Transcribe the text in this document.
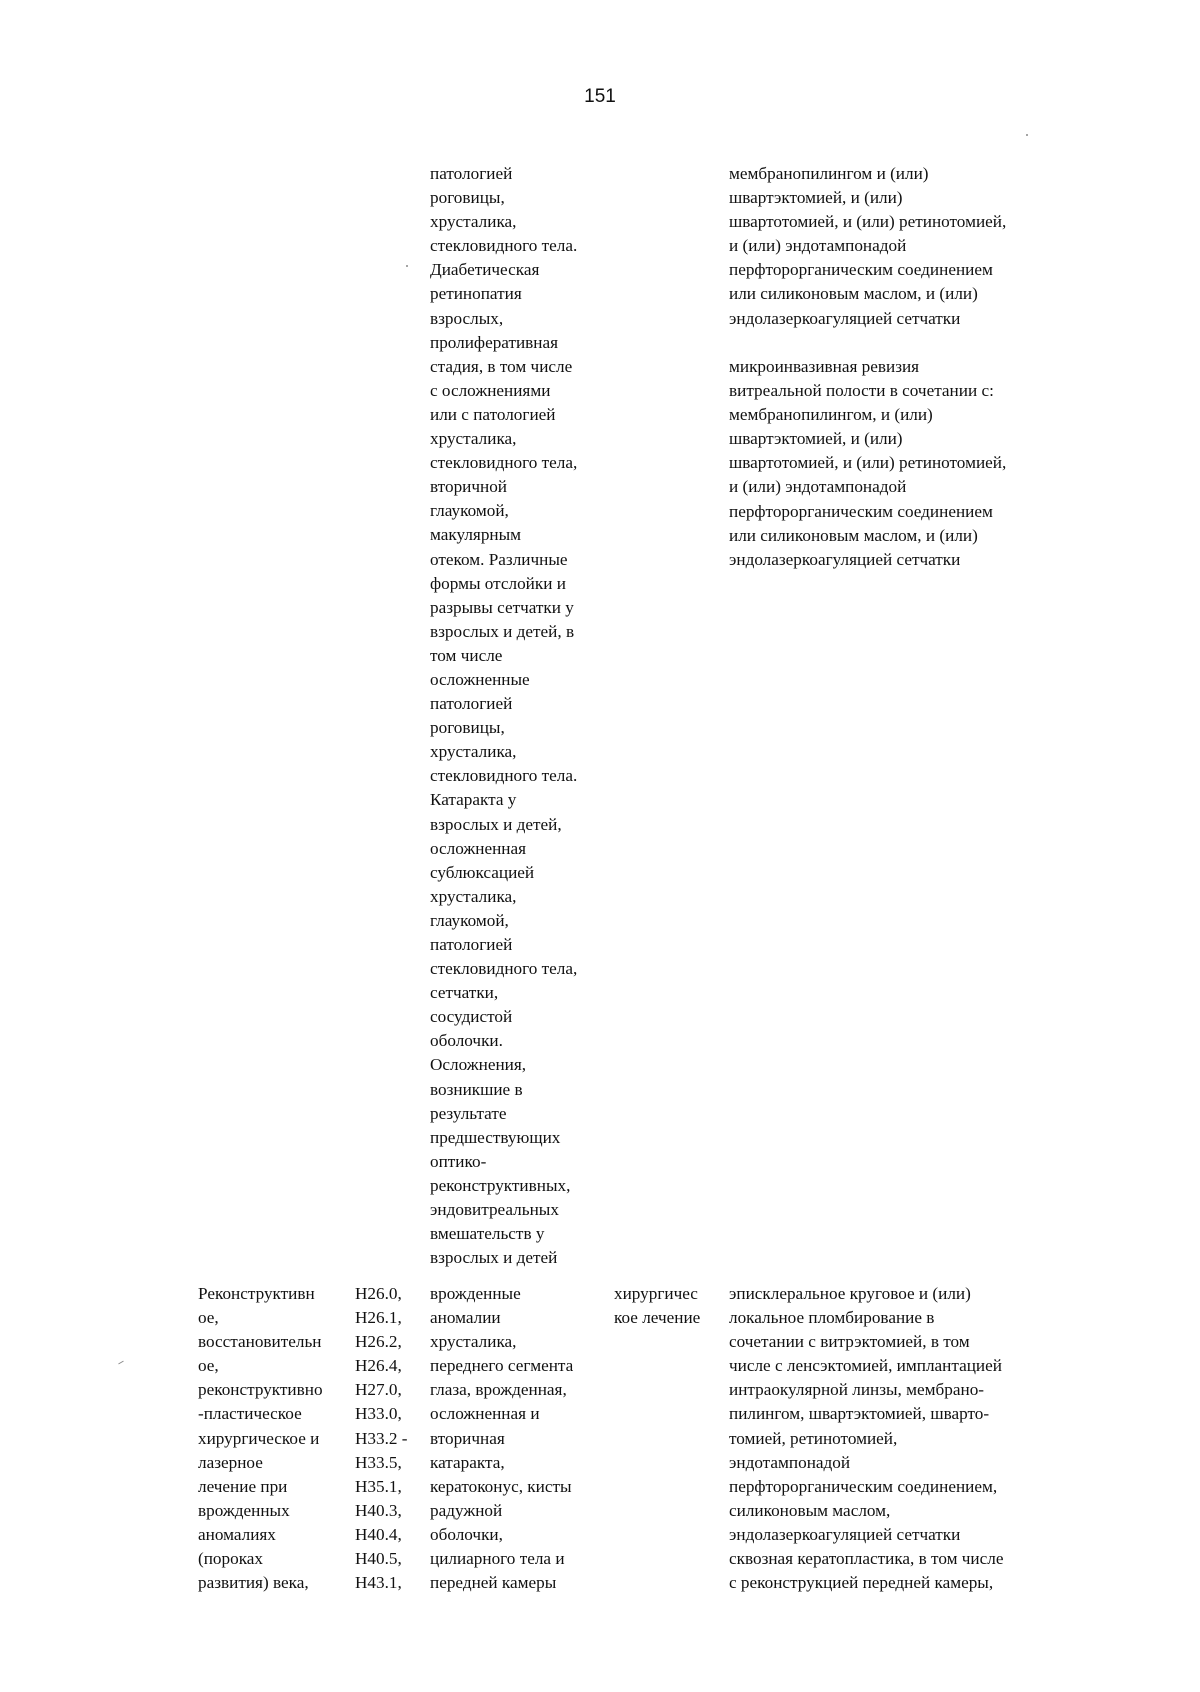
151
патологией
роговицы,
хрусталика,
стекловидного тела.
Диабетическая
ретинопатия
взрослых,
пролиферативная
стадия, в том числе
с осложнениями
или с патологией
хрусталика,
стекловидного тела,
вторичной
глаукомой,
макулярным
отеком. Различные
формы отслойки и
разрывы сетчатки у
взрослых и детей, в
том числе
осложненные
патологией
роговицы,
хрусталика,
стекловидного тела.
Катаракта у
взрослых и детей,
осложненная
сублюксацией
хрусталика,
глаукомой,
патологией
стекловидного тела,
сетчатки,
сосудистой
оболочки.
Осложнения,
возникшие в
результате
предшествующих
оптико-
реконструктивных,
эндовитреальных
вмешательств у
взрослых и детей
мембранопилингом и (или)
швартэктомией, и (или)
швартотомией, и (или) ретинотомией,
и (или) эндотампонадой
перфторорганическим соединением
или силиконовым маслом, и (или)
эндолазеркоагуляцией сетчатки
микроинвазивная ревизия
витреальной полости в сочетании с:
мембранопилингом, и (или)
швартэктомией, и (или)
швартотомией, и (или) ретинотомией,
и (или) эндотампонадой
перфторорганическим соединением
или силиконовым маслом, и (или)
эндолазеркоагуляцией сетчатки
Реконструктивн
ое,
восстановительн
ое,
реконструктивно
-пластическое
хирургическое и
лазерное
лечение при
врожденных
аномалиях
(пороках
развития) века,
H26.0,
H26.1,
H26.2,
H26.4,
H27.0,
H33.0,
H33.2 -
H33.5,
H35.1,
H40.3,
H40.4,
H40.5,
H43.1,
врожденные
аномалии
хрусталика,
переднего сегмента
глаза, врожденная,
осложненная и
вторичная
катаракта,
кератоконус, кисты
радужной
оболочки,
цилиарного тела и
передней камеры
хирургичес
кое лечение
эписклеральное круговое и (или)
локальное пломбирование в
сочетании с витрэктомией, в том
числе с ленсэктомией, имплантацией
интраокулярной линзы, мембрано-
пилингом, швартэктомией, шварто-
томией, ретинотомией,
эндотампонадой
перфторорганическим соединением,
силиконовым маслом,
эндолазеркоагуляцией сетчатки
сквозная кератопластика, в том числе
с реконструкцией передней камеры,
